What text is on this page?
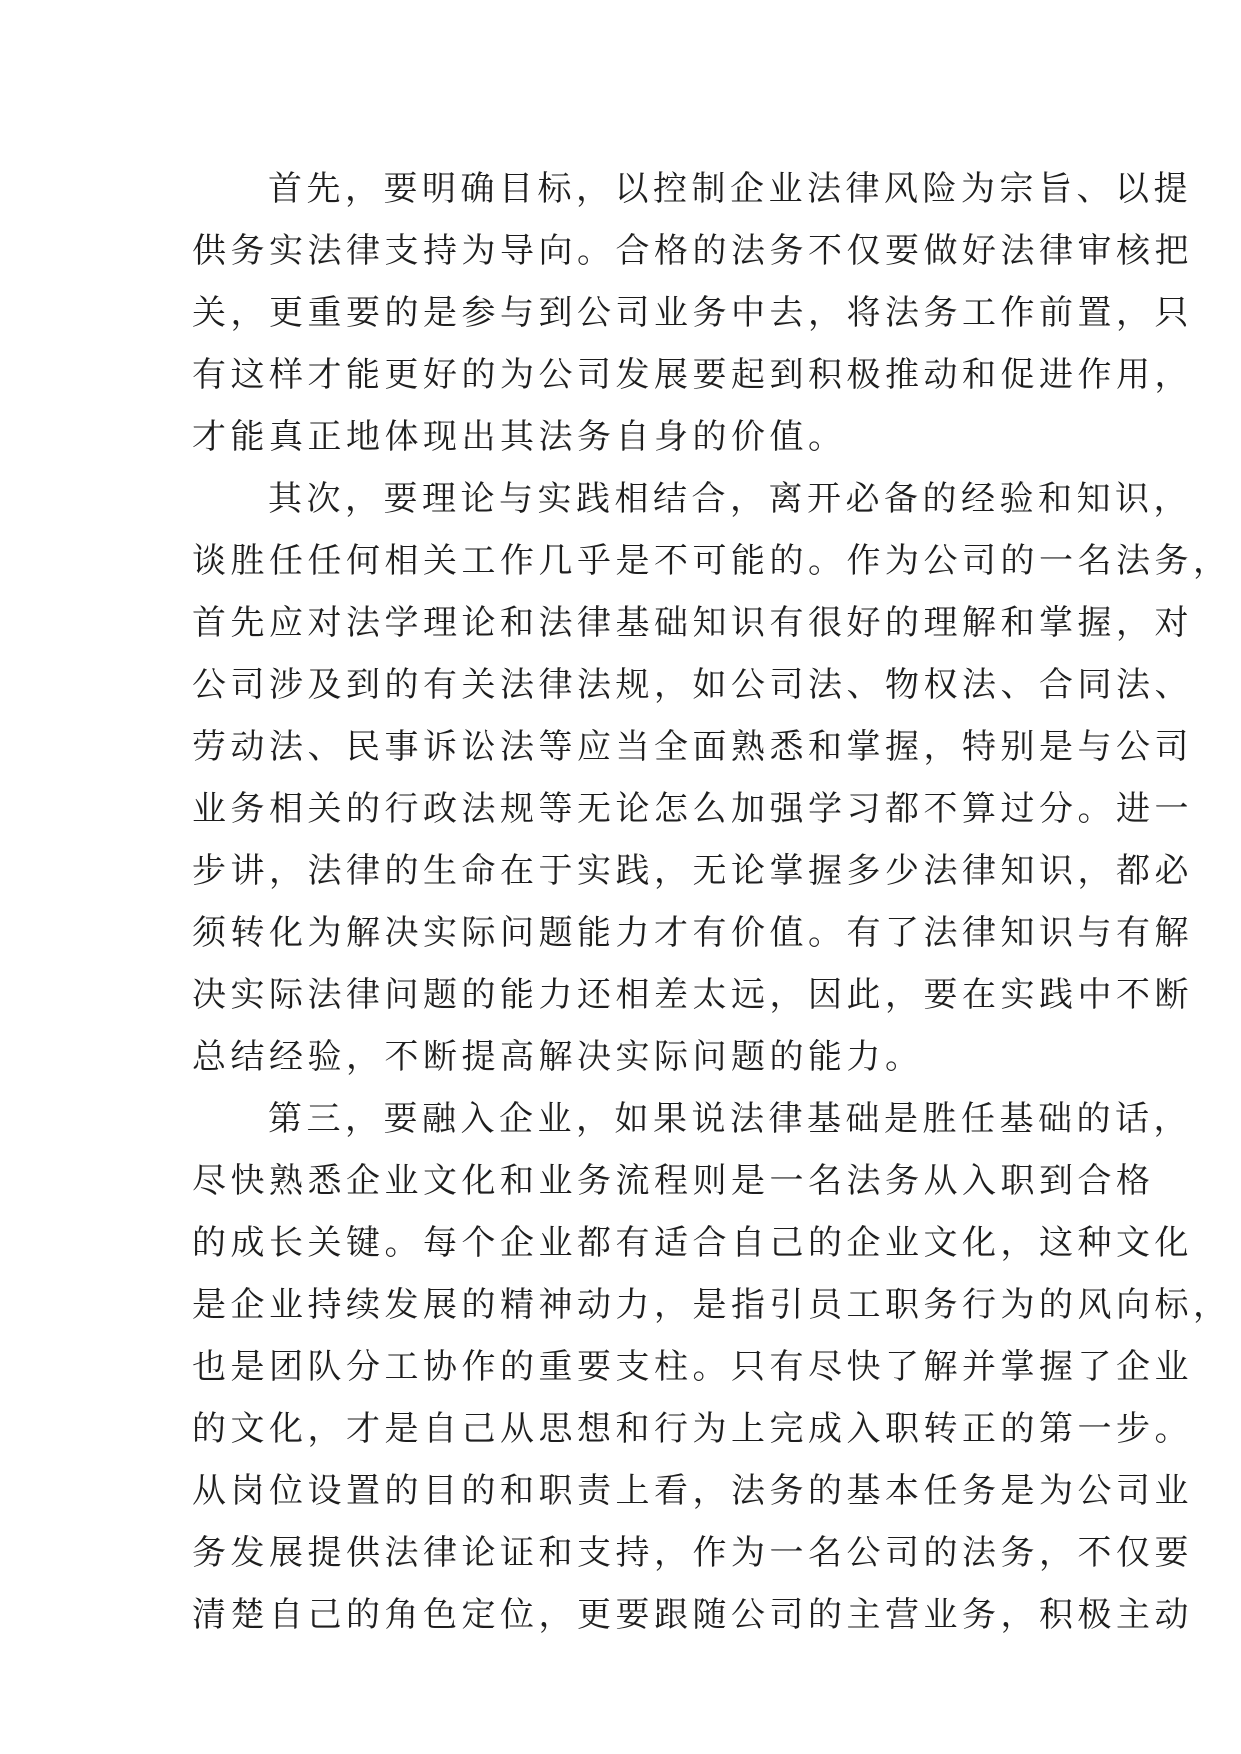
首先，要明确目标，以控制企业法律风险为宗旨、以提
供务实法律支持为导向。合格的法务不仅要做好法律审核把
关，更重要的是参与到公司业务中去，将法务工作前置，只
有这样才能更好的为公司发展要起到积极推动和促进作用，
才能真正地体现出其法务自身的价值。
其次，要理论与实践相结合，离开必备的经验和知识，
谈胜任任何相关工作几乎是不可能的。作为公司的一名法务，
首先应对法学理论和法律基础知识有很好的理解和掌握，对
公司涉及到的有关法律法规，如公司法、物权法、合同法、
劳动法、民事诉讼法等应当全面熟悉和掌握，特别是与公司
业务相关的行政法规等无论怎么加强学习都不算过分。进一
步讲，法律的生命在于实践，无论掌握多少法律知识，都必
须转化为解决实际问题能力才有价值。有了法律知识与有解
决实际法律问题的能力还相差太远，因此，要在实践中不断
总结经验，不断提高解决实际问题的能力。
第三，要融入企业，如果说法律基础是胜任基础的话，
尽快熟悉企业文化和业务流程则是一名法务从入职到合格
的成长关键。每个企业都有适合自己的企业文化，这种文化
是企业持续发展的精神动力，是指引员工职务行为的风向标，
也是团队分工协作的重要支柱。只有尽快了解并掌握了企业
的文化，才是自己从思想和行为上完成入职转正的第一步。
从岗位设置的目的和职责上看，法务的基本任务是为公司业
务发展提供法律论证和支持，作为一名公司的法务，不仅要
清楚自己的角色定位，更要跟随公司的主营业务，积极主动
